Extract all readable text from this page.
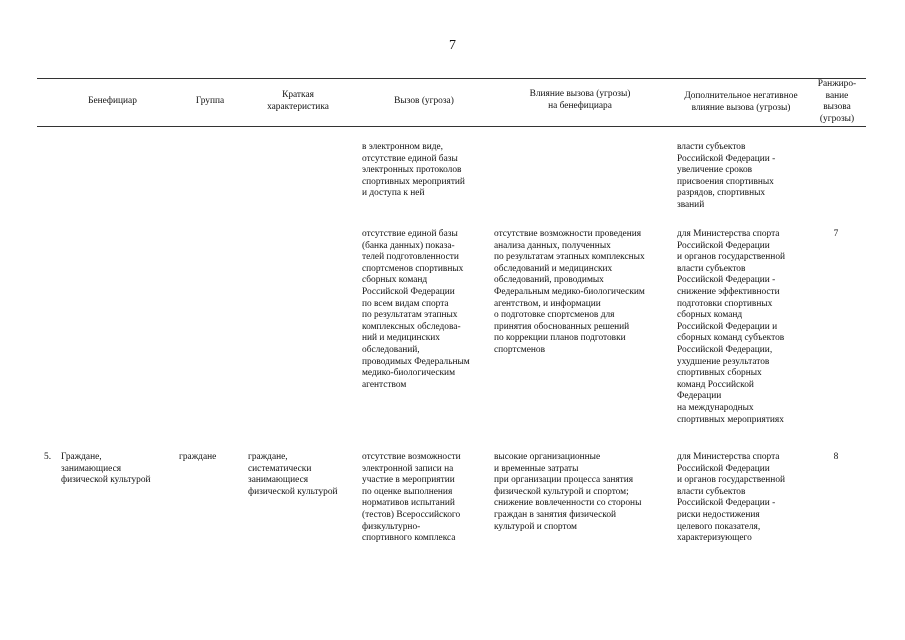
7
Бенефициар	Группа
Краткая
характеристика
Вызов (угроза)
Влияние вызова (угрозы)
на бенефициара
Дополнительное негативное
влияние вызова (угрозы)
Ранжиро-
вание
вызова
(угрозы)
в электронном виде,
отсутствие единой базы
электронных протоколов
спортивных мероприятий
и доступа к ней
власти субъектов
Российской Федерации -
увеличение сроков
присвоения спортивных
разрядов, спортивных
званий
отсутствие единой базы
(банка данных) показа-
телей подготовленности
спортсменов спортивных
сборных команд
Российской Федерации
по всем видам спорта
по результатам этапных
комплексных обследова-
ний и медицинских
обследований,
проводимых Федеральным
медико-биологическим
агентством
отсутствие возможности проведения
анализа данных, полученных
по результатам этапных комплексных
обследований и медицинских
обследований, проводимых
Федеральным медико-биологическим
агентством, и информации
о подготовке спортсменов для
принятия обоснованных решений
по коррекции планов подготовки
спортсменов
для Министерства спорта
Российской Федерации
и органов государственной
власти субъектов
Российской Федерации -
снижение эффективности
подготовки спортивных
сборных команд
Российской Федерации и
сборных команд субъектов
Российской Федерации,
ухудшение результатов
спортивных сборных
команд Российской
Федерации
на международных
спортивных мероприятиях
7
5. Граждане,
занимающиеся
физической культурой
граждане	граждане,
систематически
занимающиеся
физической культурой
отсутствие возможности
электронной записи на
участие в мероприятии
по оценке выполнения
нормативов испытаний
(тестов) Всероссийского
физкультурно-
спортивного комплекса
высокие организационные
и временные затраты
при организации процесса занятия
физической культурой и спортом;
снижение вовлеченности со стороны
граждан в занятия физической
культурой и спортом
для Министерства спорта
Российской Федерации
и органов государственной
власти субъектов
Российской Федерации -
риски недостижения
целевого показателя,
характеризующего
8
